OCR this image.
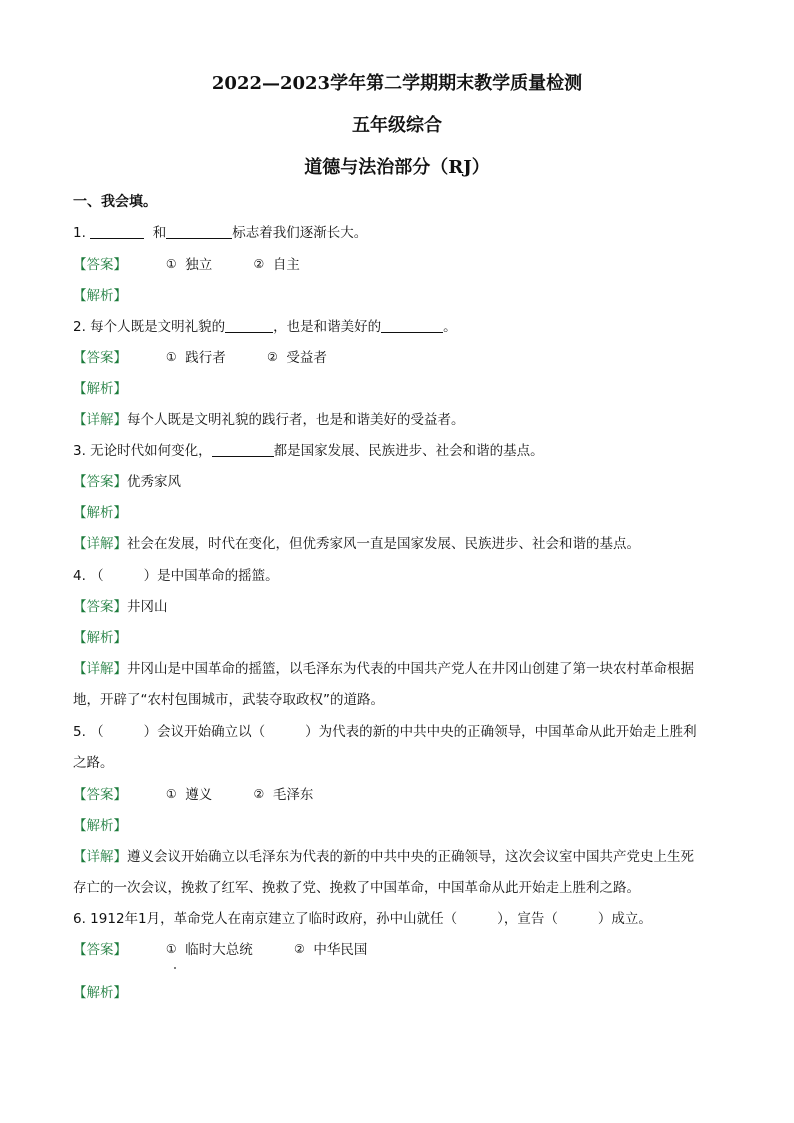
2022—2023学年第二学期期末教学质量检测
五年级综合
道德与法治部分（RJ）
一、我会填。
1.	和	标志着我们逐渐长大。
【答案】	① 独立	② 自主
【解析】
2. 每个人既是文明礼貌的	，也是和谐美好的	。
【答案】	① 践行者	② 受益者
【解析】
【详解】每个人既是文明礼貌的践行者，也是和谐美好的受益者。
3. 无论时代如何变化，	都是国家发展、民族进步、社会和谐的基点。
【答案】优秀家风
【解析】
【详解】社会在发展，时代在变化，但优秀家风一直是国家发展、民族进步、社会和谐的基点。
4. （	）是中国革命的摇篮。
【答案】井冈山
【解析】
【详解】井冈山是中国革命的摇篮，以毛泽东为代表的中国共产党人在井冈山创建了第一块农村革命根据
地，开辟了“农村包围城市，武装夺取政权”的道路。
5. （	）会议开始确立以（	）为代表的新的中共中央的正确领导，中国革命从此开始走上胜利
之路。
【答案】	① 遵义	② 毛泽东
【解析】
【详解】遵义会议开始确立以毛泽东为代表的新的中共中央的正确领导，这次会议室中国共产党史上生死
存亡的一次会议，挽救了红军、挽救了党、挽救了中国革命，中国革命从此开始走上胜利之路。
6. 1912年1月，革命党人在南京建立了临时政府，孙中山就任（	），宣告（	）成立。
【答案】	① 临时大总统	② 中华民国
【解析】
